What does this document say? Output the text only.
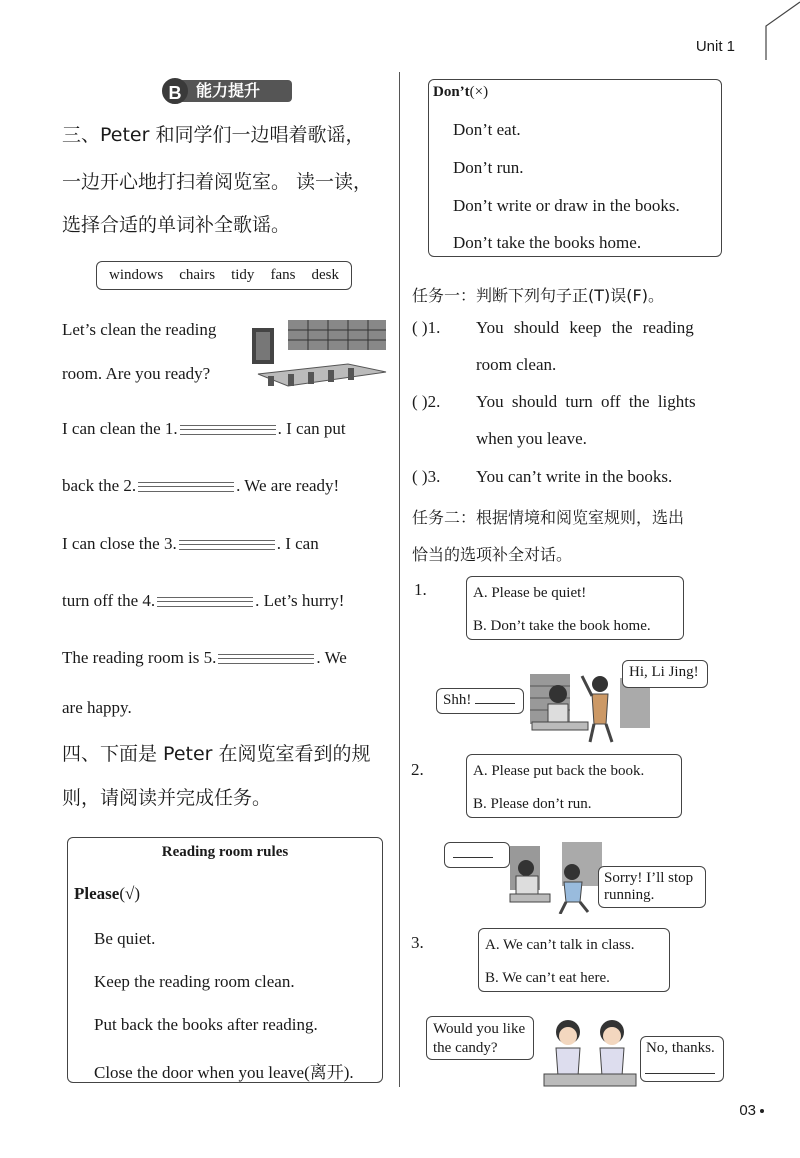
Unit 1
B 能力提升
三、Peter 和同学们一边唱着歌谣，
一边开心地打扫着阅览室。 读一读，
选择合适的单词补全歌谣。
windows chairs tidy fans desk
Let’s clean the reading
room. Are you ready?
I can clean the 1.	. I can put
back the 2.	. We are ready!
I can close the 3.	. I can
turn off the 4.	. Let’s hurry!
The reading room is 5.	. We
are happy.
四、下面是 Peter 在阅览室看到的规
则，请阅读并完成任务。
Reading room rules
Please(√)
Be quiet.
Keep the reading room clean.
Put back the books after reading.
Close the door when you leave(离开).
Don’t(×)
Don’t eat.
Don’t run.
Don’t write or draw in the books.
Don’t take the books home.
任务一：判断下列句子正(T)误(F)。
( )1. You should keep the reading
room clean.
( )2. You should turn off the lights
when you leave.
( )3. You can’t write in the books.
任务二：根据情境和阅览室规则，选出
恰当的选项补全对话。
1.	A. Please be quiet!
B. Don’t take the book home.
Shh!
Hi, Li Jing!
2.	A. Please put back the book.
B. Please don’t run.
Sorry! I’ll stop running.
3.	A. We can’t talk in class.
B. We can’t eat here.
Would you like the candy?	No, thanks.
03
